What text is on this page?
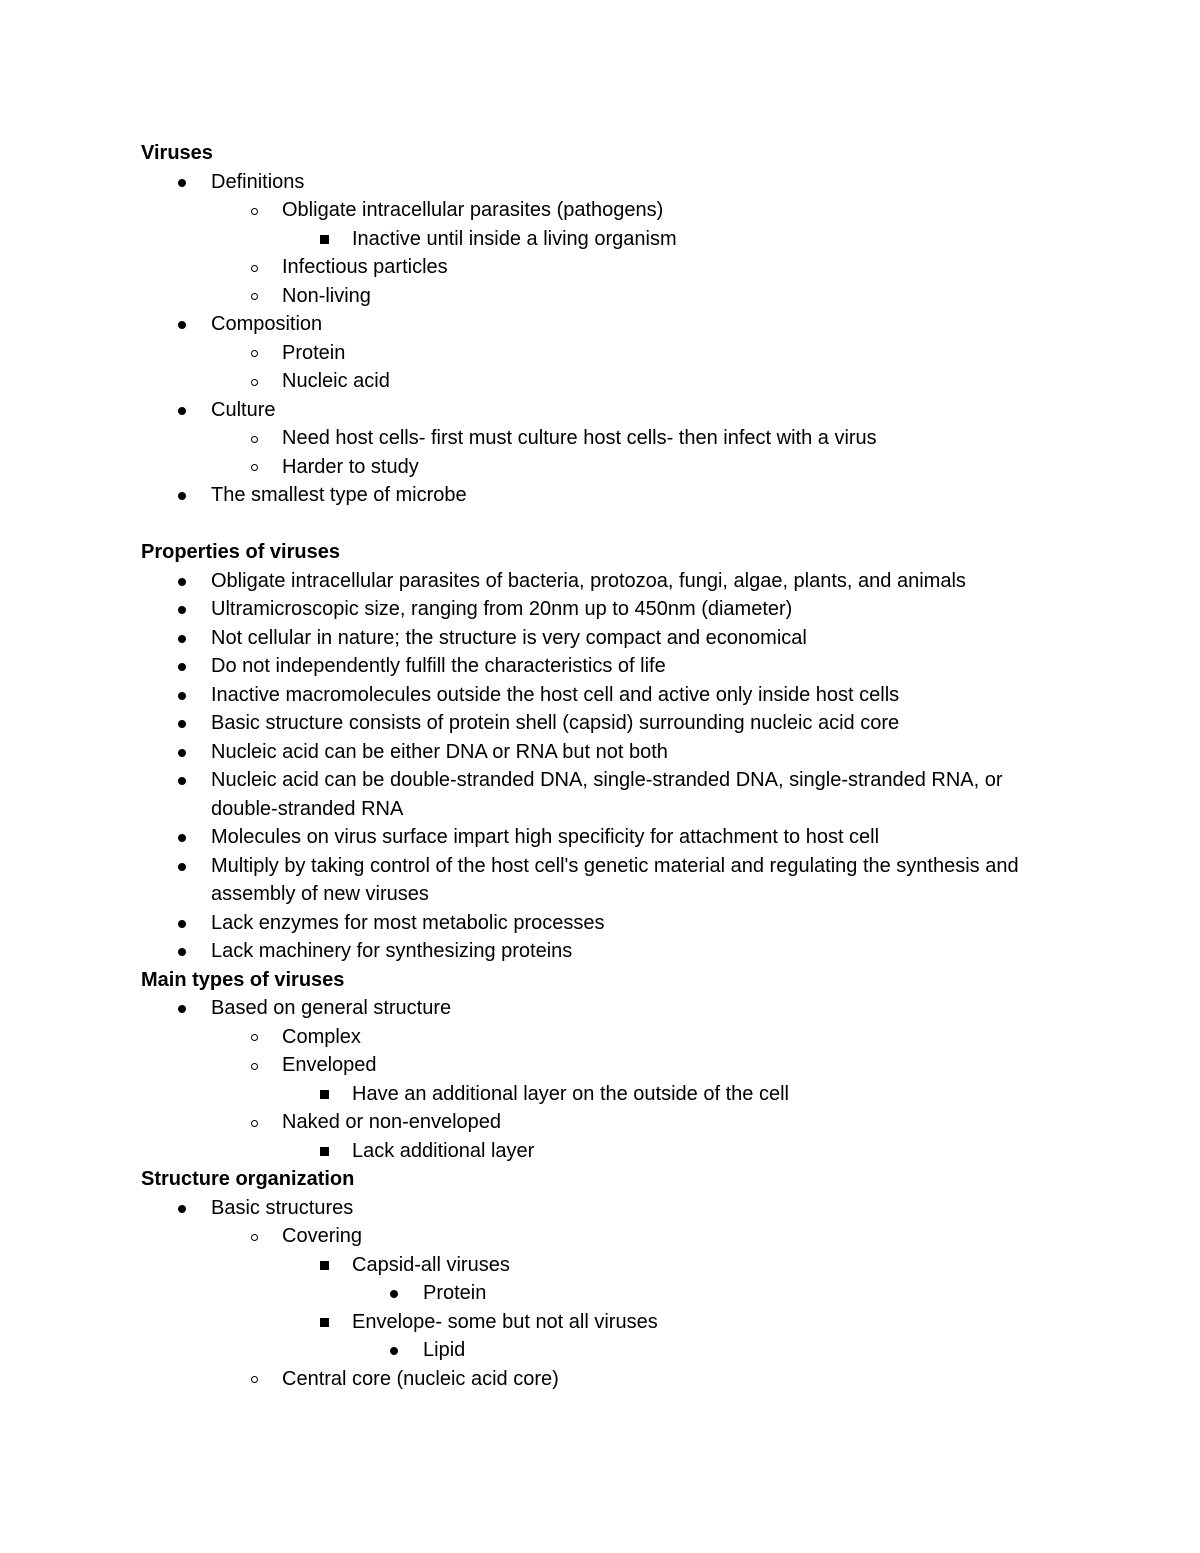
Viruses
Definitions
Obligate intracellular parasites (pathogens)
Inactive until inside a living organism
Infectious particles
Non-living
Composition
Protein
Nucleic acid
Culture
Need host cells- first must culture host cells- then infect with a virus
Harder to study
The smallest type of microbe
Properties of viruses
Obligate intracellular parasites of bacteria, protozoa, fungi, algae, plants, and animals
Ultramicroscopic size, ranging from 20nm up to 450nm (diameter)
Not cellular in nature; the structure is very compact and economical
Do not independently fulfill the characteristics of life
Inactive macromolecules outside the host cell and active only inside host cells
Basic structure consists of protein shell (capsid) surrounding nucleic acid core
Nucleic acid can be either DNA or RNA but not both
Nucleic acid can be double-stranded DNA, single-stranded DNA, single-stranded RNA, or double-stranded RNA
Molecules on virus surface impart high specificity for attachment to host cell
Multiply by taking control of the host cell's genetic material and regulating the synthesis and assembly of new viruses
Lack enzymes for most metabolic processes
Lack machinery for synthesizing proteins
Main types of viruses
Based on general structure
Complex
Enveloped
Have an additional layer on the outside of the cell
Naked or non-enveloped
Lack additional layer
Structure organization
Basic structures
Covering
Capsid-all viruses
Protein
Envelope- some but not all viruses
Lipid
Central core (nucleic acid core)
